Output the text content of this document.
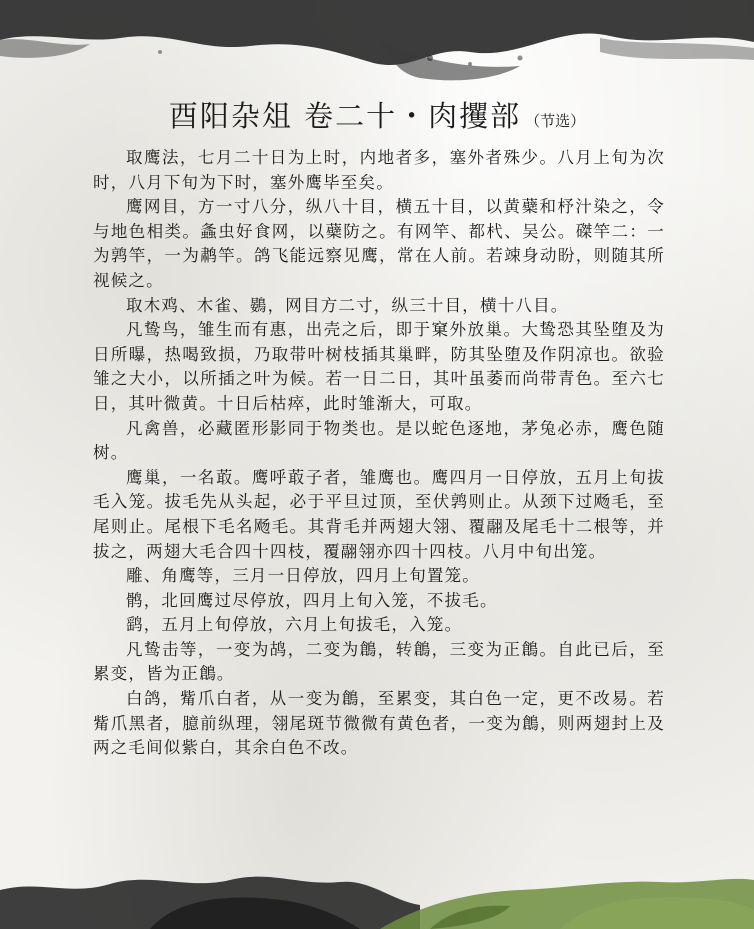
酉阳杂俎 卷二十・肉攫部 （节选）

取鹰法，七月二十日为上时，内地者多，塞外者殊少。八月上旬为次时，八月下旬为下时，塞外鹰毕至矣。

鹰网目，方一寸八分，纵八十目，横五十目，以黄蘗和杼汁染之，令与地色相类。螽虫好食网，以蘗防之。有网竿、都杙、吴公。磔竿二：一为鹑竿，一为鹔竿。鸽飞能远察见鹰，常在人前。若竦身动盼，则随其所视候之。

取木鸡、木雀、鷃，网目方二寸，纵三十目，横十八目。

凡鸷鸟，雏生而有惠，出壳之后，即于窠外放巢。大鸷恐其坠堕及为日所曝，热喝致损，乃取带叶树枝插其巢畔，防其坠堕及作阴凉也。欲验雏之大小，以所插之叶为候。若一日二日，其叶虽萎而尚带青色。至六七日，其叶微黄。十日后枯瘁，此时雏渐大，可取。

凡禽兽，必藏匿形影同于物类也。是以蛇色逐地，茅兔必赤，鹰色随树。

鹰巢，一名菆。鹰呼菆子者，雏鹰也。鹰四月一日停放，五月上旬拔毛入笼。拔毛先从头起，必于平旦过顶，至伏鹑则止。从颈下过飏毛，至尾则止。尾根下毛名飏毛。其背毛并两翅大翎、覆翮及尾毛十二根等，并拔之，两翅大毛合四十四枝，覆翮翎亦四十四枝。八月中旬出笼。

雕、角鹰等，三月一日停放，四月上旬置笼。

鹘，北回鹰过尽停放，四月上旬入笼，不拔毛。

鹞，五月上旬停放，六月上旬拔毛，入笼。

凡鸷击等，一变为鸪，二变为鶬，转鶬，三变为正鶬。自此已后，至累变，皆为正鶬。

白鸽，觜爪白者，从一变为鶬，至累变，其白色一定，更不改易。若觜爪黑者，臆前纵理，翎尾斑节微微有黄色者，一变为鶬，则两翅封上及两之毛间似紫白，其余白色不改。
